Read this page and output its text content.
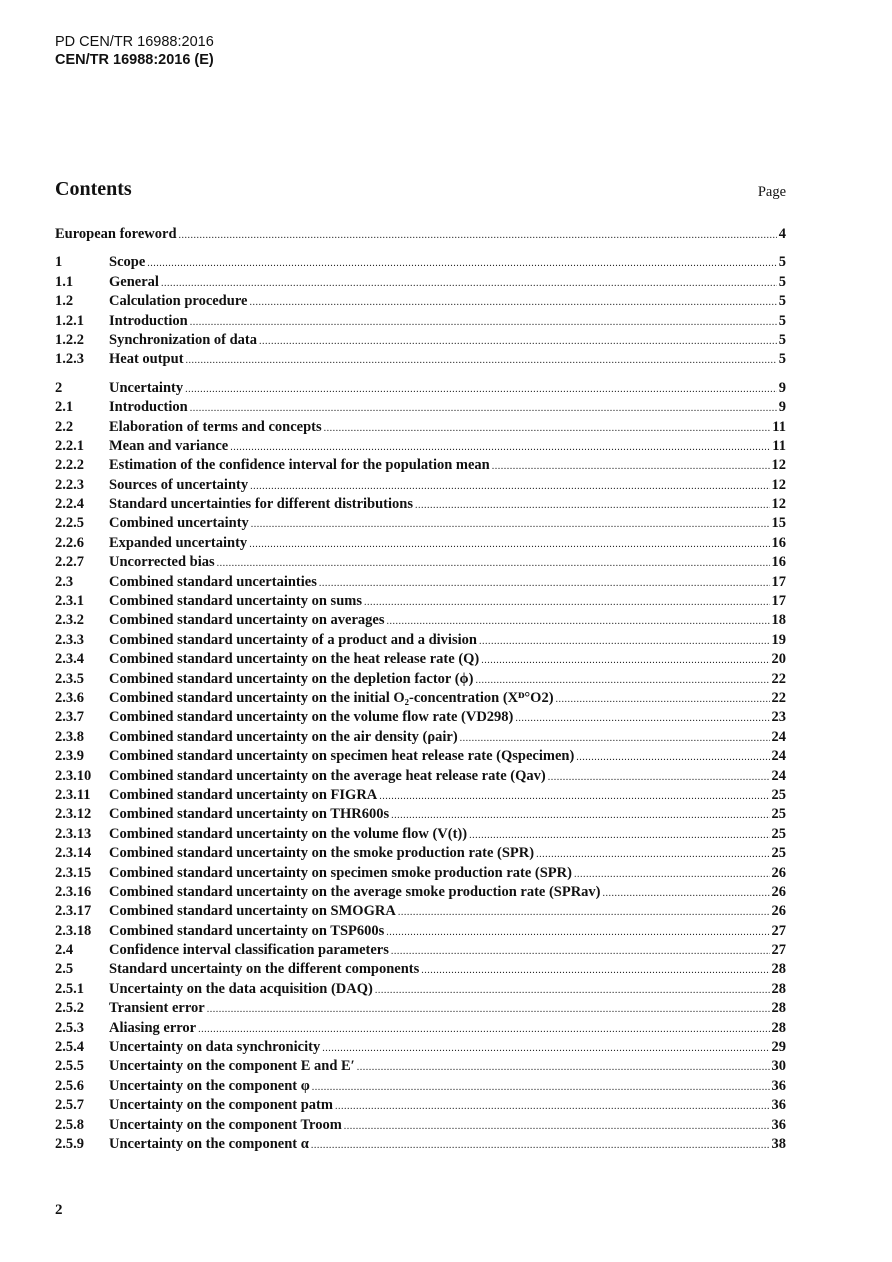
PD CEN/TR 16988:2016
CEN/TR 16988:2016 (E)
Contents	Page
European foreword .....	4
1	Scope .....	5
1.1	General .....	5
1.2	Calculation procedure .....	5
1.2.1	Introduction .....	5
1.2.2	Synchronization of data .....	5
1.2.3	Heat output .....	5
2	Uncertainty .....	9
2.1	Introduction .....	9
2.2	Elaboration of terms and concepts .....	11
2.2.1	Mean and variance .....	11
2.2.2	Estimation of the confidence interval for the population mean .....	12
2.2.3	Sources of uncertainty .....	12
2.2.4	Standard uncertainties for different distributions .....	12
2.2.5	Combined uncertainty .....	15
2.2.6	Expanded uncertainty .....	16
2.2.7	Uncorrected bias .....	16
2.3	Combined standard uncertainties .....	17
2.3.1	Combined standard uncertainty on sums .....	17
2.3.2	Combined standard uncertainty on averages .....	18
2.3.3	Combined standard uncertainty of a product and a division .....	19
2.3.4	Combined standard uncertainty on the heat release rate (Q) .....	20
2.3.5	Combined standard uncertainty on the depletion factor (ϕ) .....	22
2.3.6	Combined standard uncertainty on the initial O₂-concentration (Xᴰ°O2) .....	22
2.3.7	Combined standard uncertainty on the volume flow rate (VD298) .....	23
2.3.8	Combined standard uncertainty on the air density (ρair) .....	24
2.3.9	Combined standard uncertainty on specimen heat release rate (Qspecimen) .....	24
2.3.10	Combined standard uncertainty on the average heat release rate (Qav) .....	24
2.3.11	Combined standard uncertainty on FIGRA .....	25
2.3.12	Combined standard uncertainty on THR600s .....	25
2.3.13	Combined standard uncertainty on the volume flow (V(t)) .....	25
2.3.14	Combined standard uncertainty on the smoke production rate (SPR) .....	25
2.3.15	Combined standard uncertainty on specimen smoke production rate (SPR) .....	26
2.3.16	Combined standard uncertainty on the average smoke production rate (SPRav) .....	26
2.3.17	Combined standard uncertainty on SMOGRA .....	26
2.3.18	Combined standard uncertainty on TSP600s .....	27
2.4	Confidence interval classification parameters .....	27
2.5	Standard uncertainty on the different components .....	28
2.5.1	Uncertainty on the data acquisition (DAQ) .....	28
2.5.2	Transient error .....	28
2.5.3	Aliasing error .....	28
2.5.4	Uncertainty on data synchronicity .....	29
2.5.5	Uncertainty on the component E and E′ .....	30
2.5.6	Uncertainty on the component φ .....	36
2.5.7	Uncertainty on the component patm .....	36
2.5.8	Uncertainty on the component Troom .....	36
2.5.9	Uncertainty on the component α .....	38
2
